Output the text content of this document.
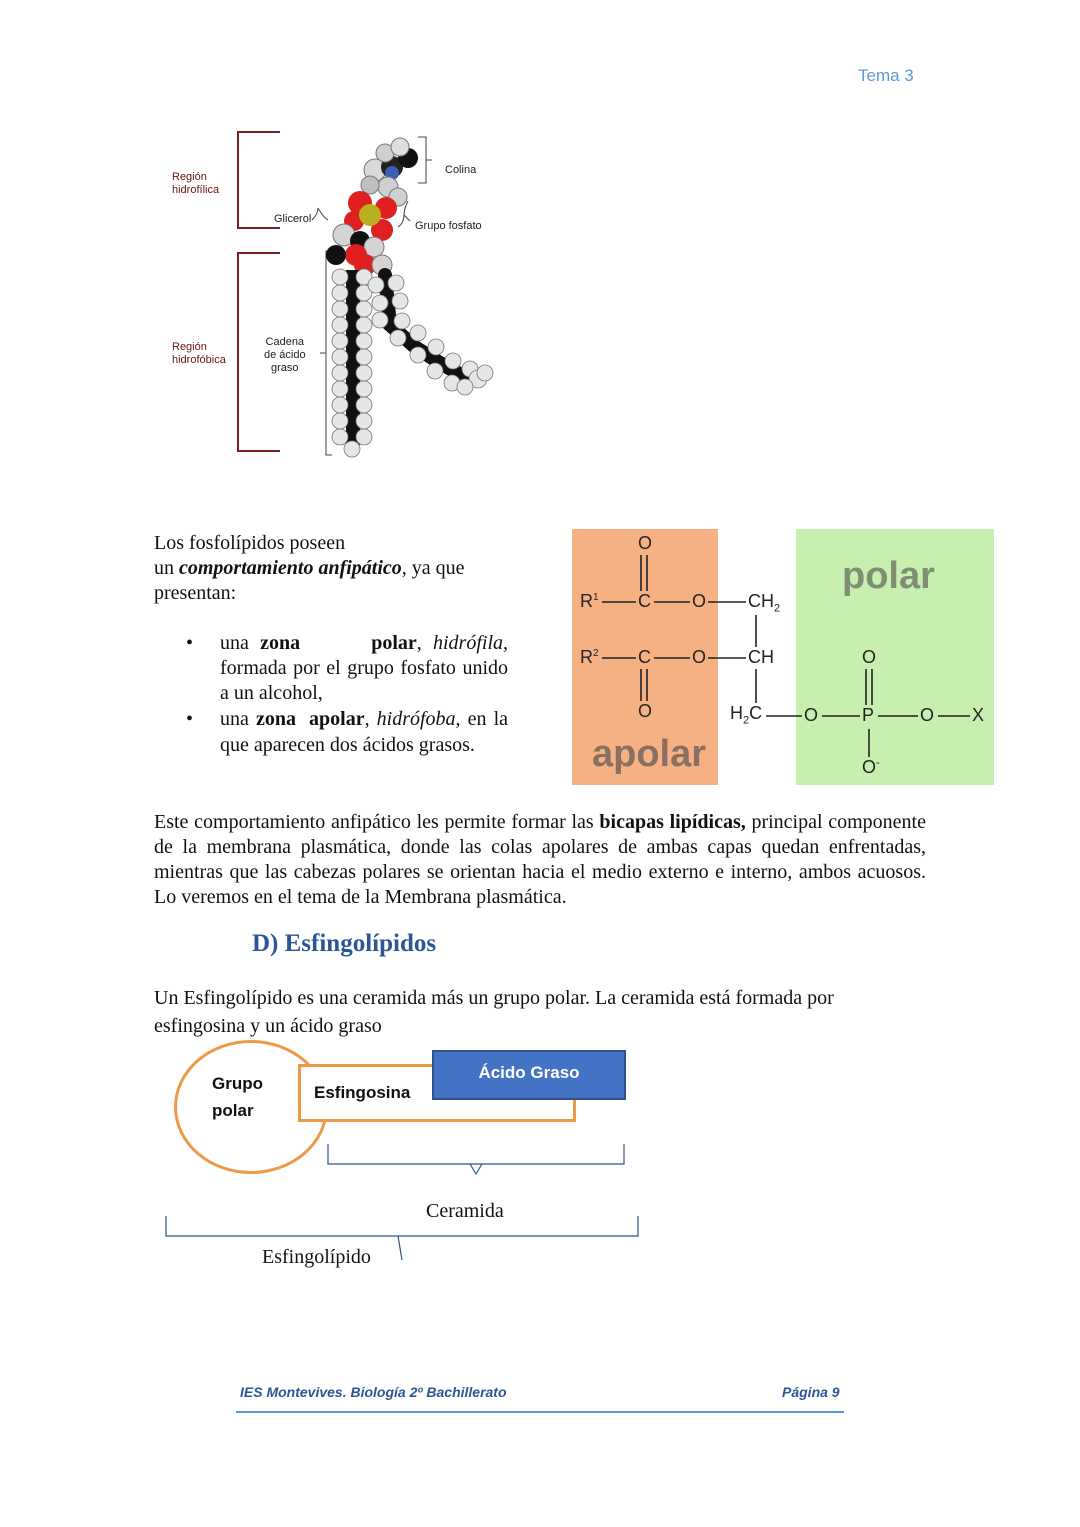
Tema 3
Región
hidrofílica
Región
hidrofóbica
Glicerol
Cadena
de ácido
graso
Colina
Grupo fosfato
Los fosfolípidos poseen
un comportamiento anfipático, ya que
presentan:
• una zona	polar, hidrófila, formada por el grupo fosfato unido a un alcohol,
• una zona apolar, hidrófoba, en la que aparecen dos ácidos grasos.	apolar
polar
O
$R^1$ C O $CH_2$
$R^2$ C O CH
O	$H_2C$ O P	O X
O
O-
Este comportamiento anfipático les permite formar las bicapas lipídicas, principal componente de la membrana plasmática, donde las colas apolares de ambas capas quedan enfrentadas, mientras que las cabezas polares se orientan hacia el medio externo e interno, ambos acuosos. Lo veremos en el tema de la Membrana plasmática.
D) Esfingolípidos
Un Esfingolípido es una ceramida más un grupo polar. La ceramida está formada por
esfingosina y un ácido graso
Grupo
polar
Esfingosina
Ácido Graso
Ceramida
Esfingolípido
IES Montevives. Biología 2º Bachillerato	Página 9
